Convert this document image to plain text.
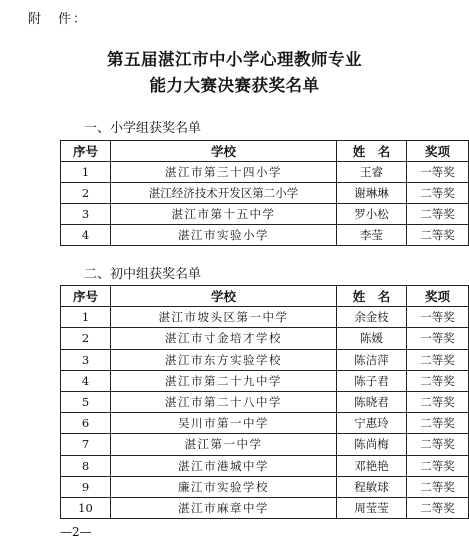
附　件：
第五届湛江市中小学心理教师专业
能力大赛决赛获奖名单
一、小学组获奖名单
序号	学校	姓　名	奖项
1	湛江市第三十四小学	王睿	一等奖
2	湛江经济技术开发区第二小学	谢琳琳	二等奖
3	湛江市第十五中学	罗小松	二等奖
4	湛江市实验小学	李莹	二等奖
二、初中组获奖名单
序号	学校	姓　名	奖项
1	湛江市坡头区第一中学	余金枝	一等奖
2	湛江市寸金培才学校	陈媛	一等奖
3	湛江市东方实验学校	陈洁萍	二等奖
4	湛江市第二十九中学	陈子君	二等奖
5	湛江市第二十八中学	陈晓君	二等奖
6	吴川市第一中学	宁惠玲	二等奖
7	湛江第一中学	陈尚梅	二等奖
8	湛江市港城中学	邓艳艳	二等奖
9	廉江市实验学校	程敏球	二等奖
10	湛江市麻章中学	周莹莹	二等奖
—2—
